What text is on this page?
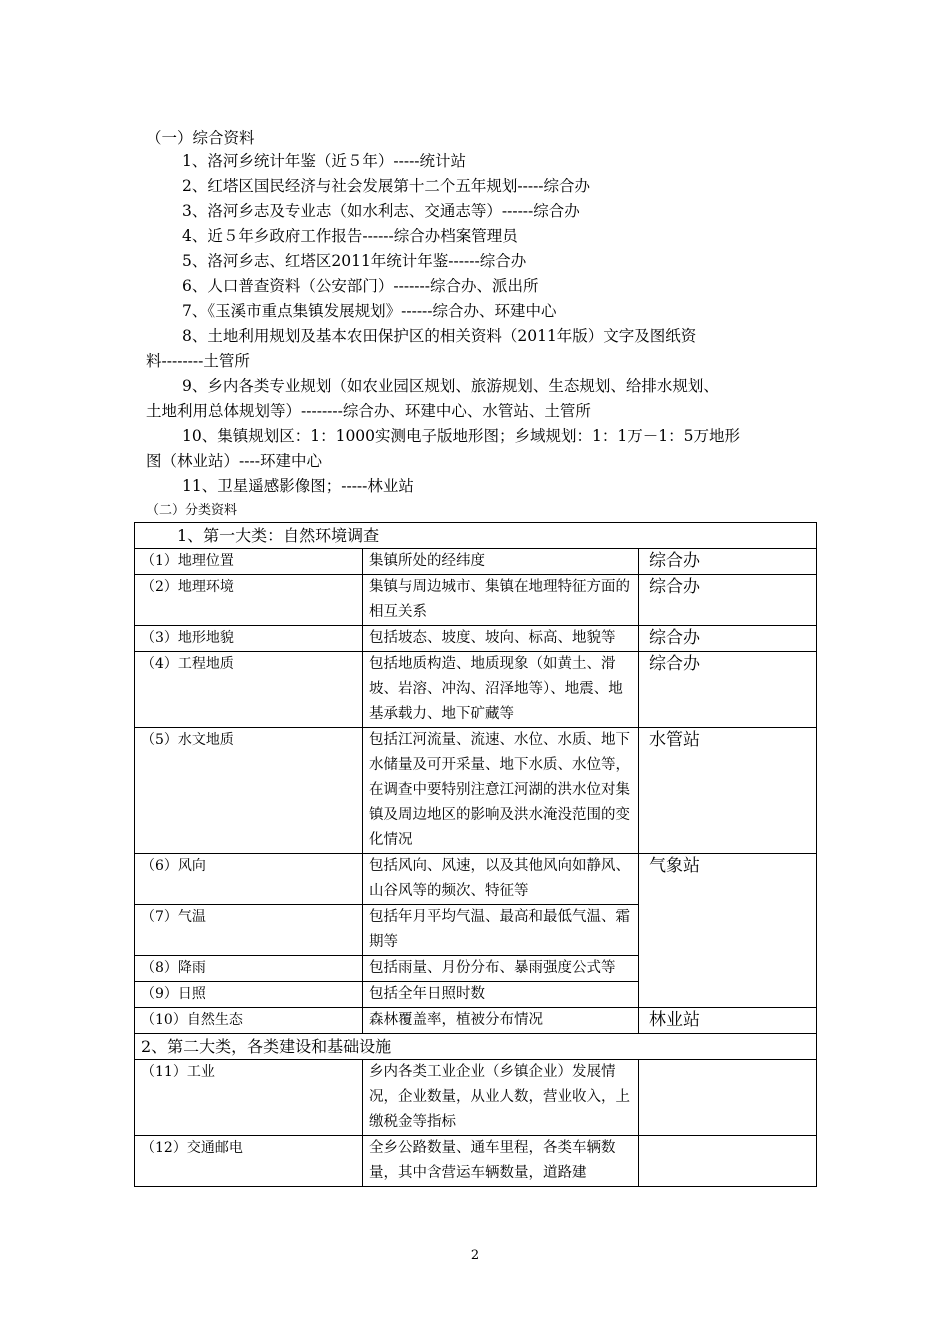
（一）综合资料
1、洛河乡统计年鉴（近５年）-----统计站
2、红塔区国民经济与社会发展第十二个五年规划-----综合办
3、洛河乡志及专业志（如水利志、交通志等）------综合办
4、近５年乡政府工作报告------综合办档案管理员
5、洛河乡志、红塔区2011年统计年鉴------综合办
6、人口普查资料（公安部门）-------综合办、派出所
7、《玉溪市重点集镇发展规划》------综合办、环建中心
8、土地利用规划及基本农田保护区的相关资料（2011年版）文字及图纸资
料--------土管所
9、乡内各类专业规划（如农业园区规划、旅游规划、生态规划、给排水规划、
土地利用总体规划等）--------综合办、环建中心、水管站、土管所
10、集镇规划区：1：1000实测电子版地形图；乡域规划：1：1万－1：5万地形
图（林业站）----环建中心
11、卫星遥感影像图；-----林业站
（二）分类资料
1、第一大类：自然环境调查		
（1）地理位置	集镇所处的经纬度	综合办
（2）地理环境	集镇与周边城市、集镇在地理特征方面的相互关系	综合办
（3）地形地貌	包括坡态、坡度、坡向、标高、地貌等	综合办
（4）工程地质	包括地质构造、地质现象（如黄土、滑坡、岩溶、冲沟、沼泽地等）、地震、地基承载力、地下矿藏等	综合办
（5）水文地质	包括江河流量、流速、水位、水质、地下水储量及可开采量、地下水质、水位等，在调查中要特别注意江河湖的洪水位对集镇及周边地区的影响及洪水淹没范围的变化情况	水管站
（6）风向	包括风向、风速，以及其他风向如静风、山谷风等的频次、特征等	气象站
（7）气温	包括年月平均气温、最高和最低气温、霜期等	
（8）降雨	包括雨量、月份分布、暴雨强度公式等	
（9）日照	包括全年日照时数	
（10）自然生态	森林覆盖率，植被分布情况	林业站
2、第二大类，各类建设和基础设施		
（11）工业	乡内各类工业企业（乡镇企业）发展情况，企业数量，从业人数，营业收入，上缴税金等指标	
（12）交通邮电	全乡公路数量、通车里程，各类车辆数量，其中含营运车辆数量，道路建	
2
